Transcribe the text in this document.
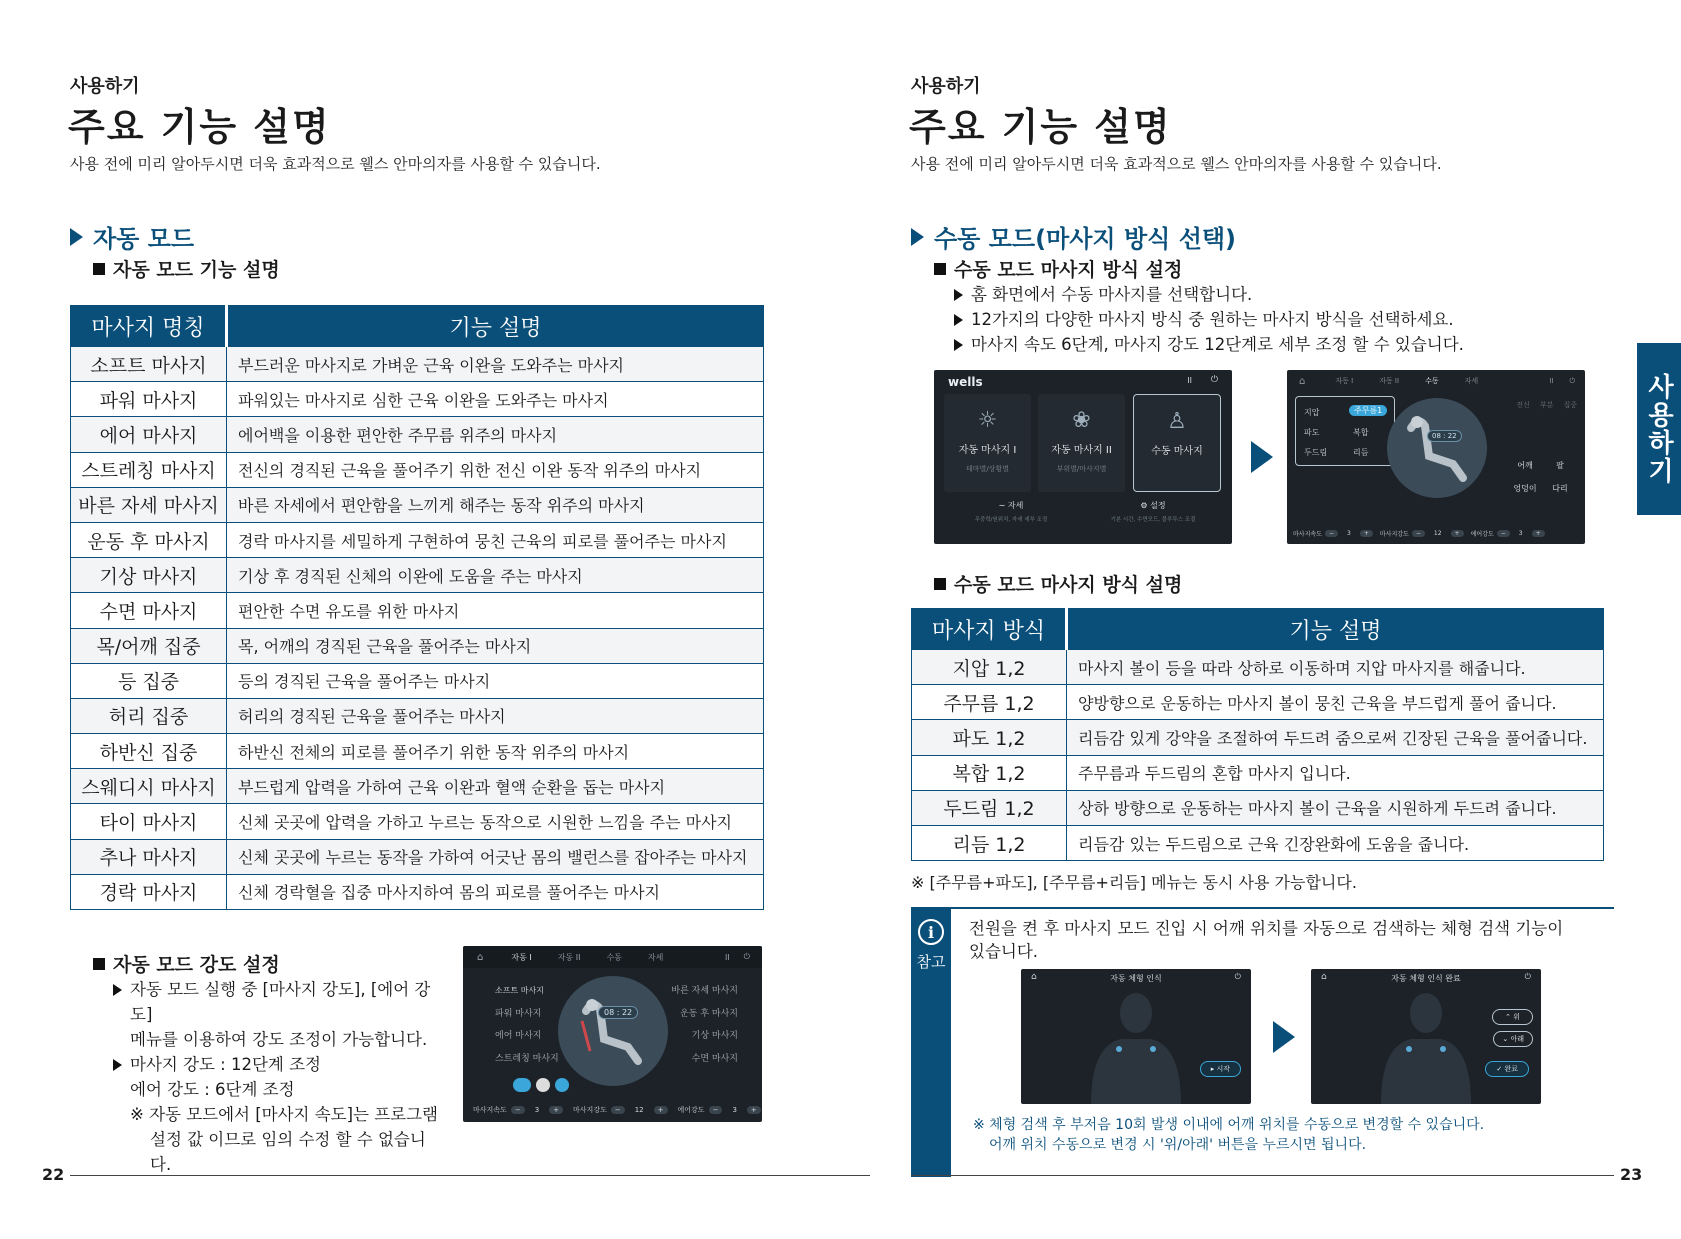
사용하기
주요 기능 설명
사용 전에 미리 알아두시면 더욱 효과적으로 웰스 안마의자를 사용할 수 있습니다.
자동 모드
자동 모드 기능 설명
마사지 명칭	기능 설명
소프트 마사지	부드러운 마사지로 가벼운 근육 이완을 도와주는 마사지
파워 마사지	파워있는 마사지로 심한 근육 이완을 도와주는 마사지
에어 마사지	에어백을 이용한 편안한 주무름 위주의 마사지
스트레칭 마사지	전신의 경직된 근육을 풀어주기 위한 전신 이완 동작 위주의 마사지
바른 자세 마사지	바른 자세에서 편안함을 느끼게 해주는 동작 위주의 마사지
운동 후 마사지	경락 마사지를 세밀하게 구현하여 뭉친 근육의 피로를 풀어주는 마사지
기상 마사지	기상 후 경직된 신체의 이완에 도움을 주는 마사지
수면 마사지	편안한 수면 유도를 위한 마사지
목/어깨 집중	목, 어깨의 경직된 근육을 풀어주는 마사지
등 집중	등의 경직된 근육을 풀어주는 마사지
허리 집중	허리의 경직된 근육을 풀어주는 마사지
하반신 집중	하반신 전체의 피로를 풀어주기 위한 동작 위주의 마사지
스웨디시 마사지	부드럽게 압력을 가하여 근육 이완과 혈액 순환을 돕는 마사지
타이 마사지	신체 곳곳에 압력을 가하고 누르는 동작으로 시원한 느낌을 주는 마사지
추나 마사지	신체 곳곳에 누르는 동작을 가하여 어긋난 몸의 밸런스를 잡아주는 마사지
경락 마사지	신체 경락혈을 집중 마사지하여 몸의 피로를 풀어주는 마사지
자동 모드 강도 설정
자동 모드 실행 중 [마사지 강도], [에어 강도]
메뉴를 이용하여 강도 조정이 가능합니다.
마사지 강도 : 12단계 조정
에어 강도 : 6단계 조정
※ 자동 모드에서 [마사지 속도]는 프로그램
설정 값 이므로 임의 수정 할 수 없습니다.
⌂	자동 I	자동 II	수동	자세	II ⏻
08 : 22
소프트 마사지
파워 마사지
에어 마사지
스트레칭 마사지
바른 자세 마사지
운동 후 마사지
기상 마사지
수면 마사지
마사지속도	−	3	+	마사지강도	−	12	+	에어강도	−	3	+
22
사용하기
주요 기능 설명
사용 전에 미리 알아두시면 더욱 효과적으로 웰스 안마의자를 사용할 수 있습니다.
수동 모드(마사지 방식 선택)
수동 모드 마사지 방식 설정
홈 화면에서 수동 마사지를 선택합니다.
12가지의 다양한 마사지 방식 중 원하는 마사지 방식을 선택하세요.
마사지 속도 6단계, 마사지 강도 12단계로 세부 조정 할 수 있습니다.
wells	II ⏻
☼
자동 마사지 I
테마별/상황별
❀
자동 마사지 II
부위별/마사지별
♙
수동 마사지
∼ 자세
무중력/원위치, 자세 세부 조정
⚙ 설정
기본 시간, 수면모드, 블루투스 조절
⌂	자동 I	자동 II	수동	자세	II ⏻
지압	주무름1
파도	복합
두드림	리듬
08 : 22
전신 부분 집중
어깨	팔
엉덩이	다리
마사지속도	−	3	+	마사지강도	−	12	+	에어강도	−	3	+
수동 모드 마사지 방식 설명
마사지 방식	기능 설명
지압 1,2	마사지 볼이 등을 따라 상하로 이동하며 지압 마사지를 해줍니다.
주무름 1,2	양방향으로 운동하는 마사지 볼이 뭉친 근육을 부드럽게 풀어 줍니다.
파도 1,2	리듬감 있게 강약을 조절하여 두드려 줌으로써 긴장된 근육을 풀어줍니다.
복합 1,2	주무름과 두드림의 혼합 마사지 입니다.
두드림 1,2	상하 방향으로 운동하는 마사지 볼이 근육을 시원하게 두드려 줍니다.
리듬 1,2	리듬감 있는 두드림으로 근육 긴장완화에 도움을 줍니다.
※ [주무름+파도], [주무름+리듬] 메뉴는 동시 사용 가능합니다.
i
참고
전원을 켠 후 마사지 모드 진입 시 어깨 위치를 자동으로 검색하는 체형 검색 기능이
있습니다.
자동 체형 인식
⌂	⏻
▸ 시작
자동 체형 인식 완료
⌂	⏻
⌃ 위
⌄ 아래
✓ 완료
※ 체형 검색 후 부저음 10회 발생 이내에 어깨 위치를 수동으로 변경할 수 있습니다.
어깨 위치 수동으로 변경 시 '위/아래' 버튼을 누르시면 됩니다.
사용하기
23
